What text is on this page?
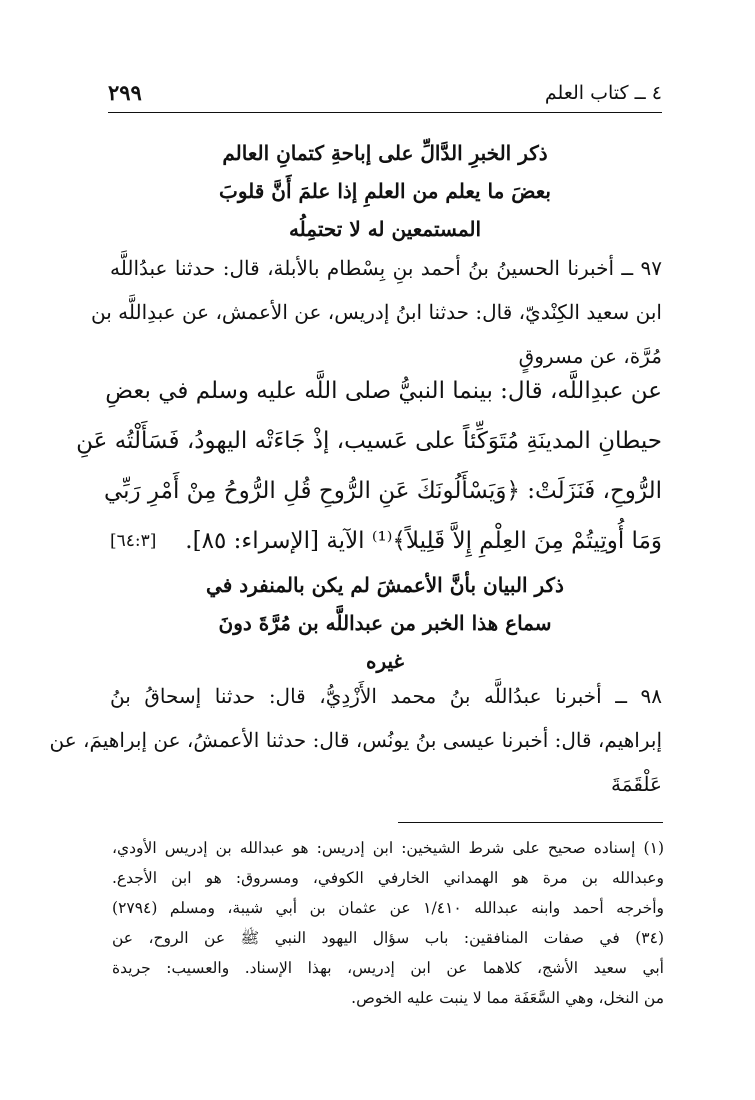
٤ ــ كتاب العلم
٢٩٩
ذكر الخبرِ الدَّالِّ على إباحةِ كتمانِ العالم
بعضَ ما يعلم من العلمِ إذا علمَ أَنَّ قلوبَ
المستمعين له لا تحتمِلُه
٩٧ ــ أخبرنا الحسينُ بنُ أحمد بنِ بِسْطام بالأبلة، قال: حدثنا عبدُاللَّه
ابن سعيد الكِنْديّ، قال: حدثنا ابنُ إدريس، عن الأعمش، عن عبدِاللَّه بن
مُرَّة، عن مسروقٍ
عن عبدِاللَّه، قال: بينما النبيُّ صلى اللَّه عليه وسلم في بعضِ
حيطانِ المدينَةِ مُتَوَكِّئاً على عَسيب، إذْ جَاءَتْه اليهودُ، فَسَأَلْتُه عَنِ
الرُّوحِ، فَنَزَلَتْ: ﴿وَيَسْأَلُونَكَ عَنِ الرُّوحِ قُلِ الرُّوحُ مِنْ أَمْرِ رَبِّي
وَمَا أُوتِيتُمْ مِنَ العِلْمِ إِلاَّ قَلِيلاً﴾⁽¹⁾ الآية [الإسراء: ٨٥].
[٦٤:٣]
ذكر البيان بأنَّ الأعمشَ لم يكن بالمنفرد في
سماع هذا الخبر من عبداللَّه بن مُرَّةَ دونَ
غيره
٩٨ ــ أخبرنا عبدُاللَّه بنُ محمد الأَزْدِيُّ، قال: حدثنا إسحاقُ بنُ
إبراهيم، قال: أخبرنا عيسى بنُ يونُس، قال: حدثنا الأعمشُ، عن إبراهيمَ، عن
عَلْقَمَةَ
(١) إسناده صحيح على شرط الشيخين: ابن إدريس: هو عبدالله بن إدريس الأودي،
وعبدالله بن مرة هو الهمداني الخارفي الكوفي، ومسروق: هو ابن الأجدع.
وأخرجه أحمد وابنه عبدالله ١/٤١٠ عن عثمان بن أبي شيبة، ومسلم (٢٧٩٤)
(٣٤) في صفات المنافقين: باب سؤال اليهود النبي ﷺ عن الروح، عن
أبي سعيد الأشج، كلاهما عن ابن إدريس، بهذا الإسناد. والعسيب: جريدة
من النخل، وهي السَّعَفَة مما لا ينبت عليه الخوص.
